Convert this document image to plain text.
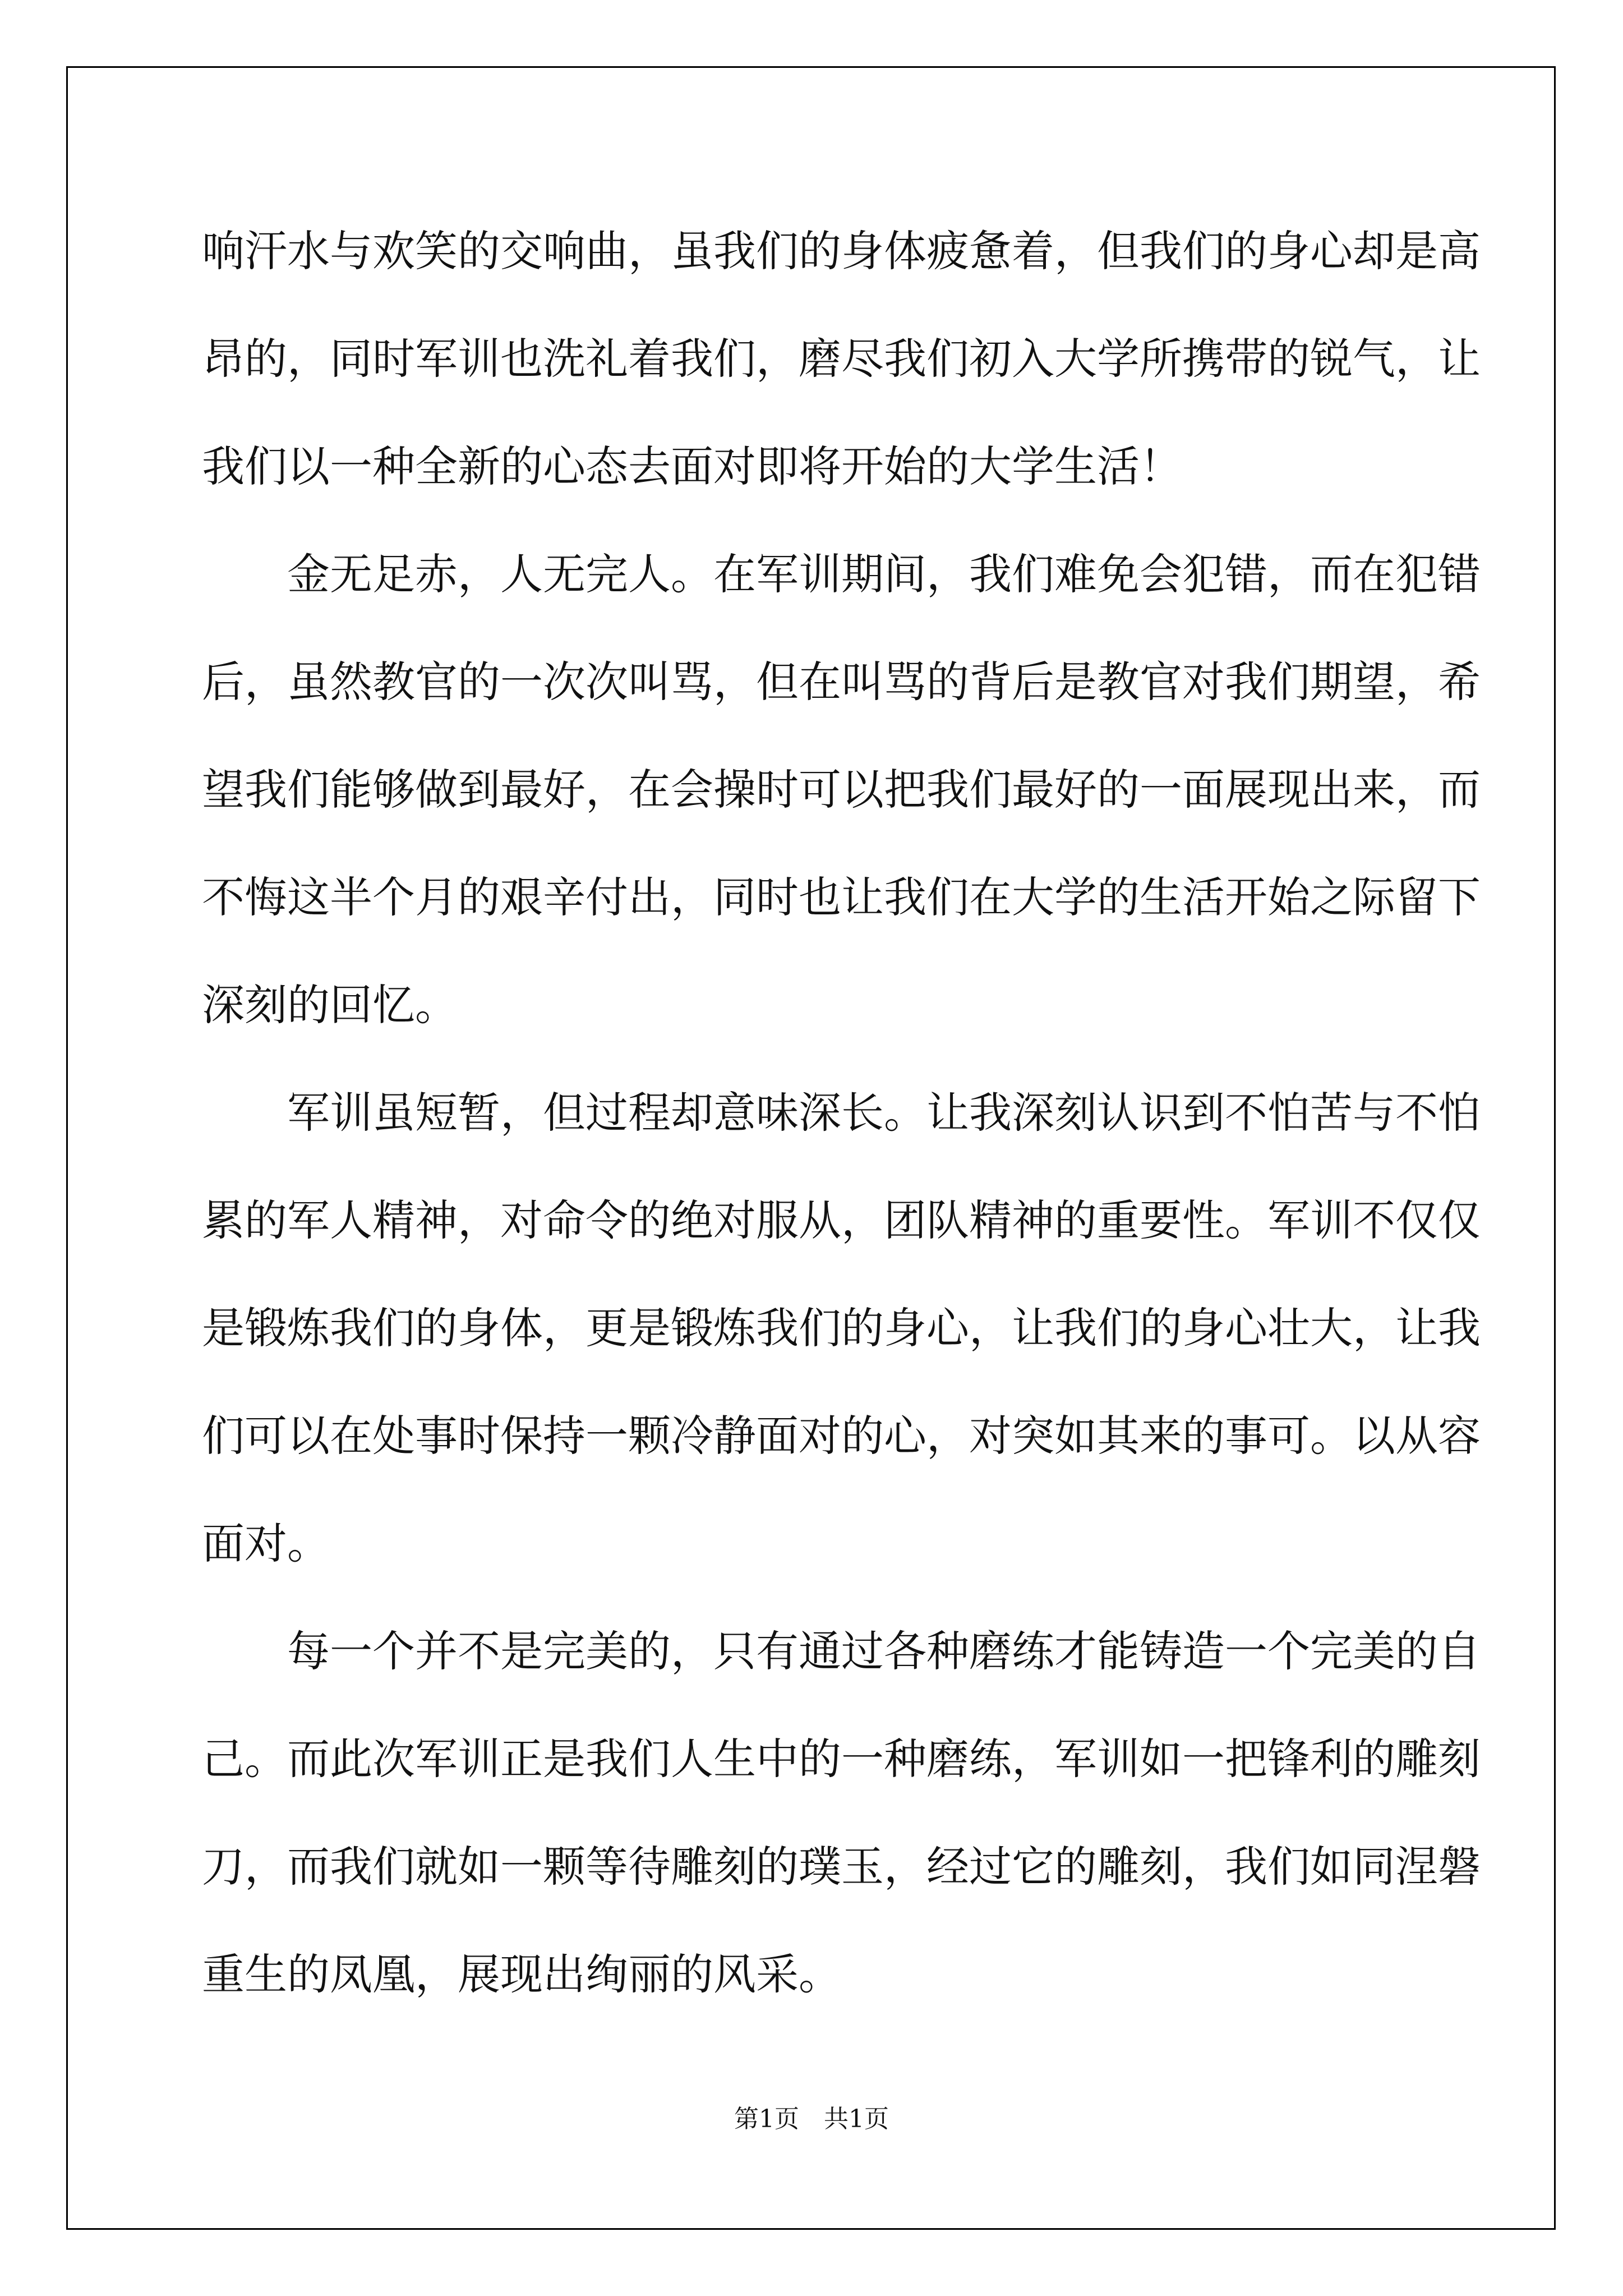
响汗水与欢笑的交响曲，虽我们的身体疲惫着，但我们的身心却是高
昂的，同时军训也洗礼着我们，磨尽我们初入大学所携带的锐气，让
我们以一种全新的心态去面对即将开始的大学生活！
　　金无足赤，人无完人。在军训期间，我们难免会犯错，而在犯错
后，虽然教官的一次次叫骂，但在叫骂的背后是教官对我们期望，希
望我们能够做到最好，在会操时可以把我们最好的一面展现出来，而
不悔这半个月的艰辛付出，同时也让我们在大学的生活开始之际留下
深刻的回忆。
　　军训虽短暂，但过程却意味深长。让我深刻认识到不怕苦与不怕
累的军人精神，对命令的绝对服从，团队精神的重要性。军训不仅仅
是锻炼我们的身体，更是锻炼我们的身心，让我们的身心壮大，让我
们可以在处事时保持一颗冷静面对的心，对突如其来的事可。以从容
面对。
　　每一个并不是完美的，只有通过各种磨练才能铸造一个完美的自
己。而此次军训正是我们人生中的一种磨练，军训如一把锋利的雕刻
刀，而我们就如一颗等待雕刻的璞玉，经过它的雕刻，我们如同涅磐
重生的凤凰，展现出绚丽的风采。
第1页　共1页
